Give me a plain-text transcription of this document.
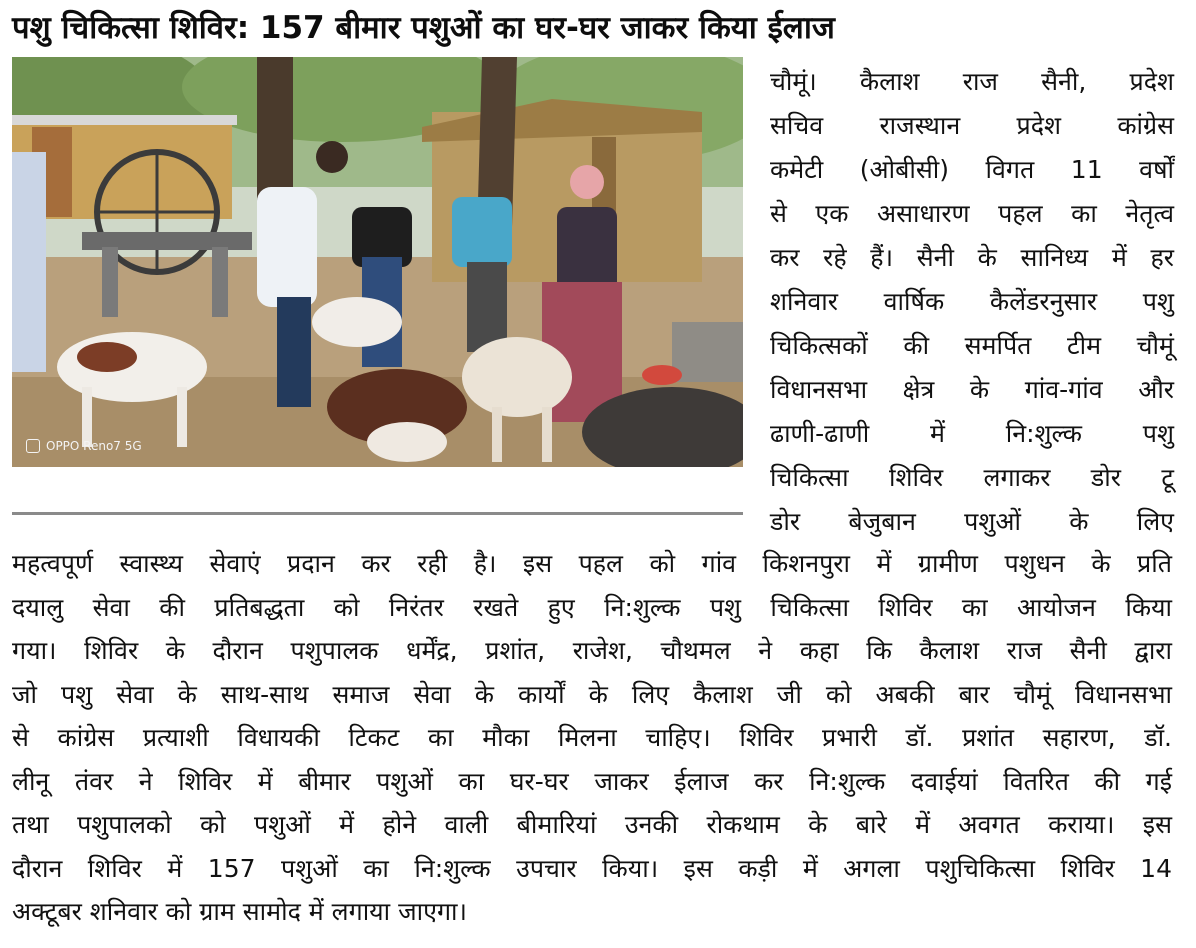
पशु चिकित्सा शिविर: 157 बीमार पशुओं का घर-घर जाकर किया ईलाज
OPPO Reno7 5G
चौमूं। कैलाश राज सैनी, प्रदेश
सचिव राजस्थान प्रदेश कांग्रेस
कमेटी (ओबीसी) विगत 11 वर्षों
से एक असाधारण पहल का नेतृत्व
कर रहे हैं। सैनी के सानिध्य में हर
शनिवार वार्षिक कैलेंडरनुसार पशु
चिकित्सकों की समर्पित टीम चौमूं
विधानसभा क्षेत्र के गांव-गांव और
ढाणी-ढाणी में नि:शुल्क पशु
चिकित्सा शिविर लगाकर डोर टू
डोर बेजुबान पशुओं के लिए
महत्वपूर्ण स्वास्थ्य सेवाएं प्रदान कर रही है। इस पहल को गांव किशनपुरा में ग्रामीण पशुधन के प्रति
दयालु सेवा की प्रतिबद्धता को निरंतर रखते हुए नि:शुल्क पशु चिकित्सा शिविर का आयोजन किया
गया। शिविर के दौरान पशुपालक धर्मेंद्र, प्रशांत, राजेश, चौथमल ने कहा कि कैलाश राज सैनी द्वारा
जो पशु सेवा के साथ-साथ समाज सेवा के कार्यों के लिए कैलाश जी को अबकी बार चौमूं विधानसभा
से कांग्रेस प्रत्याशी विधायकी टिकट का मौका मिलना चाहिए। शिविर प्रभारी डॉ. प्रशांत सहारण, डॉ.
लीनू तंवर ने शिविर में बीमार पशुओं का घर-घर जाकर ईलाज कर नि:शुल्क दवाईयां वितरित की गई
तथा पशुपालको को पशुओं में होने वाली बीमारियां उनकी रोकथाम के बारे में अवगत कराया। इस
दौरान शिविर में 157 पशुओं का नि:शुल्क उपचार किया। इस कड़ी में अगला पशुचिकित्सा शिविर 14
अक्टूबर शनिवार को ग्राम सामोद में लगाया जाएगा।
